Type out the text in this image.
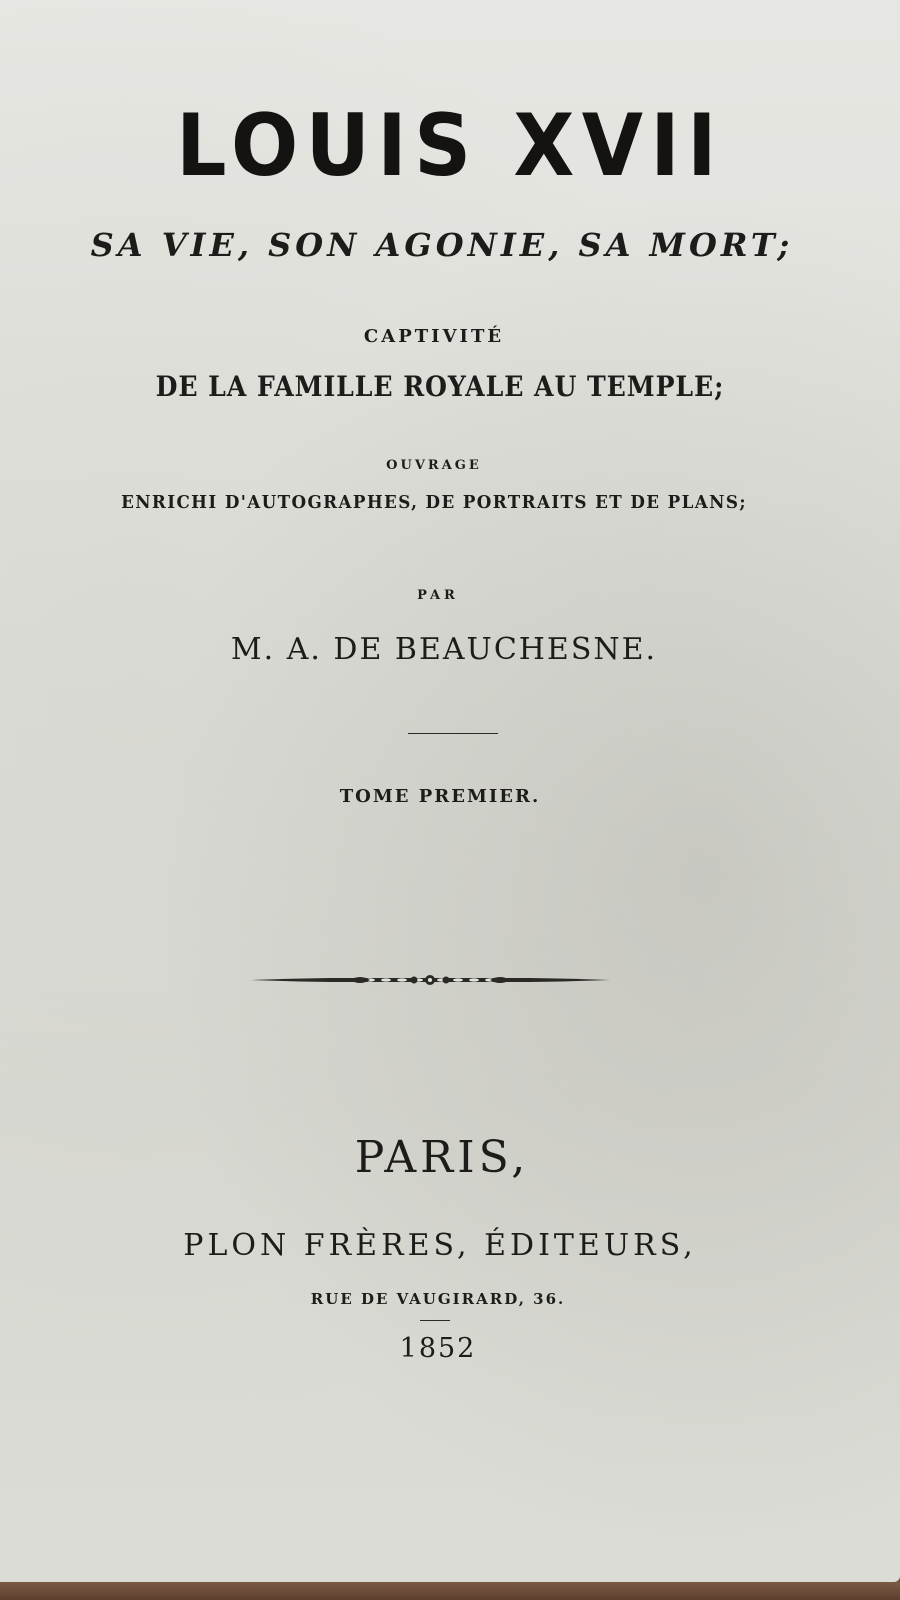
LOUIS XVII
SA VIE, SON AGONIE, SA MORT;
CAPTIVITÉ
DE LA FAMILLE ROYALE AU TEMPLE;
OUVRAGE
ENRICHI D'AUTOGRAPHES, DE PORTRAITS ET DE PLANS;
PAR
M. A. DE BEAUCHESNE.
TOME PREMIER.
PARIS,
PLON FRÈRES, ÉDITEURS,
RUE DE VAUGIRARD, 36.
1852
